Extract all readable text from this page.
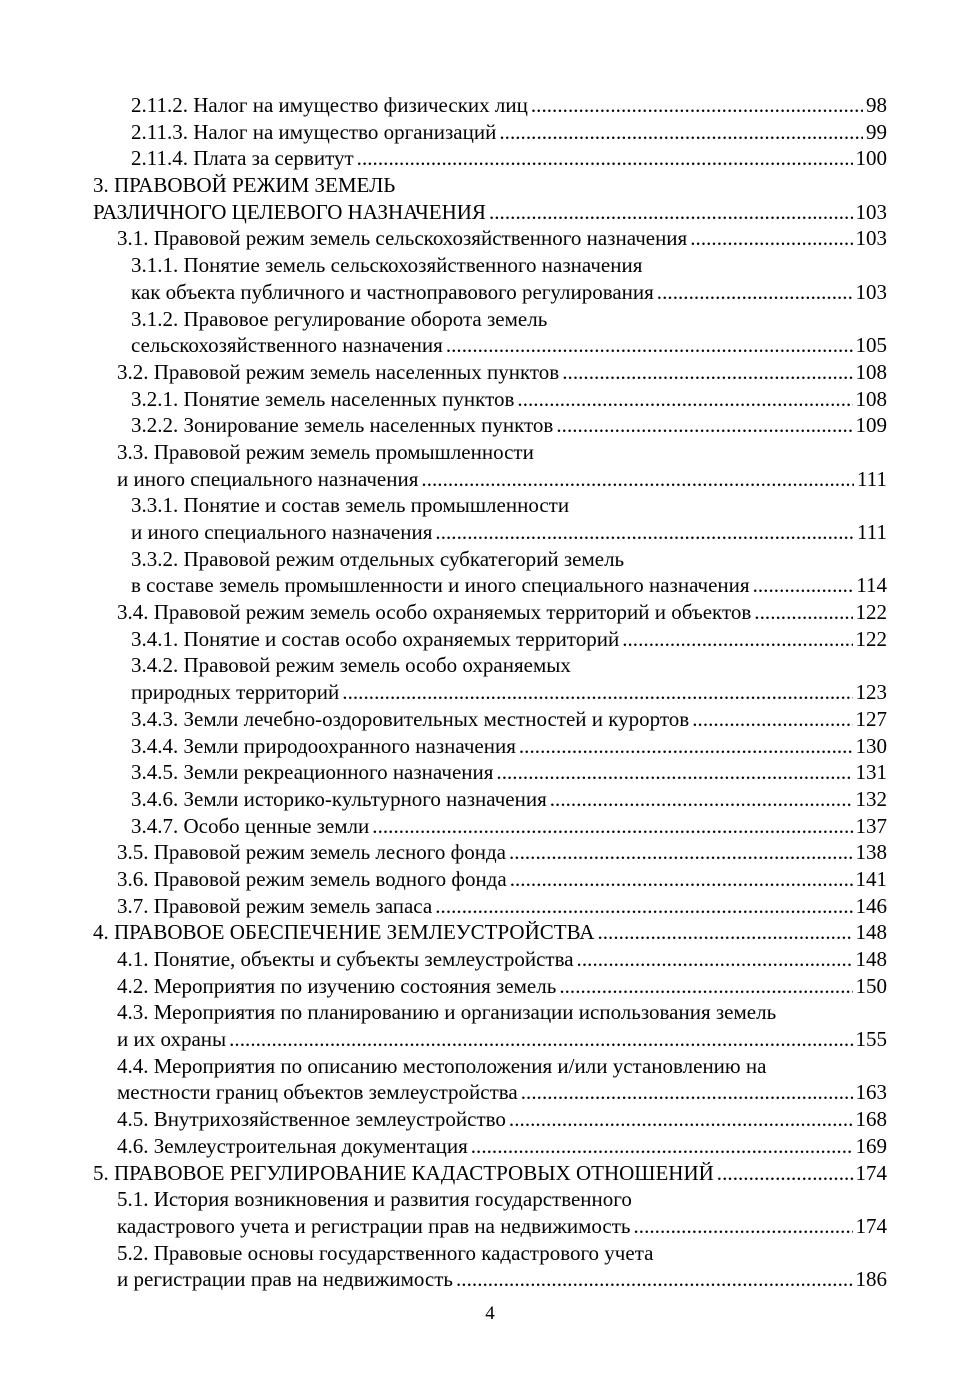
2.11.2. Налог на имущество физических лиц . . .	98
2.11.3. Налог на имущество организаций . . .	99
2.11.4. Плата за сервитут . . .	100
3. ПРАВОВОЙ РЕЖИМ ЗЕМЕЛЬ
РАЗЛИЧНОГО ЦЕЛЕВОГО НАЗНАЧЕНИЯ . . .	103
3.1. Правовой режим земель сельскохозяйственного назначения . . .	103
3.1.1. Понятие земель сельскохозяйственного назначения
как объекта публичного и частноправового регулирования . . .	103
3.1.2. Правовое регулирование оборота земель
сельскохозяйственного назначения . . .	105
3.2. Правовой режим земель населенных пунктов . . .	108
3.2.1. Понятие земель населенных пунктов . . .	108
3.2.2. Зонирование земель населенных пунктов . . .	109
3.3. Правовой режим земель промышленности
и иного специального назначения . . .	111
3.3.1. Понятие и состав земель промышленности
и иного специального назначения . . .	111
3.3.2. Правовой режим отдельных субкатегорий земель
в составе земель промышленности и иного специального назначения . . .	114
3.4. Правовой режим земель особо охраняемых территорий и объектов . . .	122
3.4.1. Понятие и состав особо охраняемых территорий . . .	122
3.4.2. Правовой режим земель особо охраняемых
природных территорий . . .	123
3.4.3. Земли лечебно-оздоровительных местностей и курортов . . .	127
3.4.4. Земли природоохранного назначения . . .	130
3.4.5. Земли рекреационного назначения . . .	131
3.4.6. Земли историко-культурного назначения . . .	132
3.4.7. Особо ценные земли . . .	137
3.5. Правовой режим земель лесного фонда . . .	138
3.6. Правовой режим земель водного фонда . . .	141
3.7. Правовой режим земель запаса . . .	146
4. ПРАВОВОЕ ОБЕСПЕЧЕНИЕ ЗЕМЛЕУСТРОЙСТВА . . .	148
4.1. Понятие, объекты и субъекты землеустройства . . .	148
4.2. Мероприятия по изучению состояния земель . . .	150
4.3. Мероприятия по планированию и организации использования земель
и их охраны . . .	155
4.4. Мероприятия по описанию местоположения и/или установлению на
местности границ объектов землеустройства . . .	163
4.5. Внутрихозяйственное землеустройство . . .	168
4.6. Землеустроительная документация . . .	169
5. ПРАВОВОЕ РЕГУЛИРОВАНИЕ КАДАСТРОВЫХ ОТНОШЕНИЙ . . .	174
5.1. История возникновения и развития государственного
кадастрового учета и регистрации прав на недвижимость . . .	174
5.2. Правовые основы государственного кадастрового учета
и регистрации прав на недвижимость . . .	186
4
